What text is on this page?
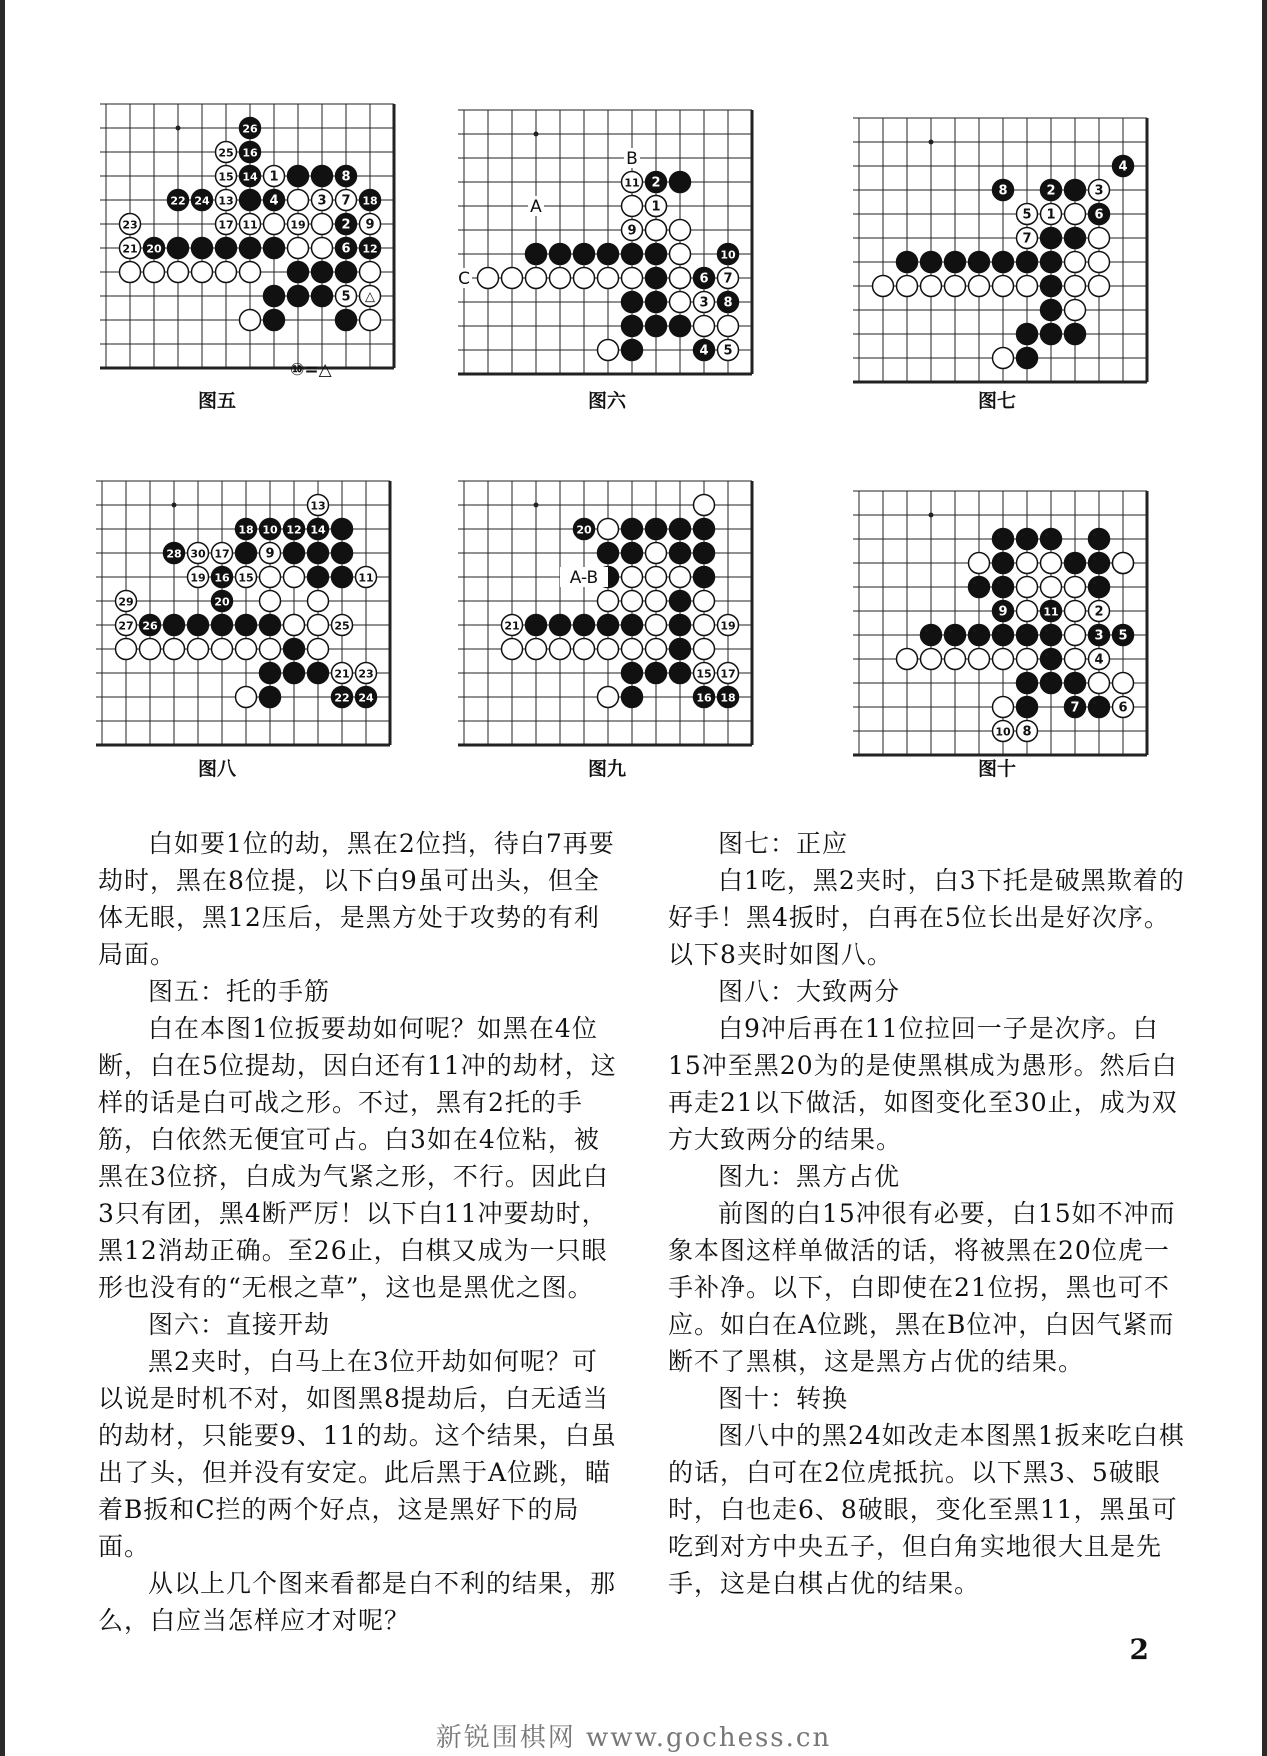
26
16
14	8
22 24	4	18
2
20	6 12
25
15	1
13	3 7
17 11	19	9
23
21
5 △
2
10
6
8
4
11
1
9
7
3
5
B
A
C
4
8	2
6
3
5 1
7
18 10 12 14
28
16
20
26
22 24
13
30 17	9
19	15	11
29
27	25
21 23
20
16 18
21	19
17
15
A-B
9	11
3 5
7
2
4
6
10 8
⑩=△
图五	图六	图七
图八	图九	图十

白如要1位的劫，黑在2位挡，待白7再要劫时，黑在8位提，以下白9虽可出头，但全体无眼，黑12压后，是黑方处于攻势的有利局面。

图五：托的手筋

白在本图1位扳要劫如何呢？如黑在4位断，白在5位提劫，因白还有11冲的劫材，这样的话是白可战之形。不过，黑有2托的手筋，白依然无便宜可占。白3如在4位粘，被黑在3位挤，白成为气紧之形，不行。因此白3只有团，黑4断严厉！以下白11冲要劫时，黑12消劫正确。至26止，白棋又成为一只眼形也没有的“无根之草”，这也是黑优之图。

图六：直接开劫

黑2夹时，白马上在3位开劫如何呢？可以说是时机不对，如图黑8提劫后，白无适当的劫材，只能要9、11的劫。这个结果，白虽出了头，但并没有安定。此后黑于A位跳，瞄着B扳和C拦的两个好点，这是黑好下的局面。

从以上几个图来看都是白不利的结果，那么，白应当怎样应才对呢？

图七：正应

白1吃，黑2夹时，白3下托是破黑欺着的好手！黑4扳时，白再在5位长出是好次序。以下8夹时如图八。

图八：大致两分

白9冲后再在11位拉回一子是次序。白15冲至黑20为的是使黑棋成为愚形。然后白再走21以下做活，如图变化至30止，成为双方大致两分的结果。

图九：黑方占优

前图的白15冲很有必要，白15如不冲而象本图这样单做活的话，将被黑在20位虎一手补净。以下，白即使在21位拐，黑也可不应。如白在A位跳，黑在B位冲，白因气紧而断不了黑棋，这是黑方占优的结果。

图十：转换

图八中的黑24如改走本图黑1扳来吃白棋的话，白可在2位虎抵抗。以下黑3、5破眼时，白也走6、8破眼，变化至黑11，黑虽可吃到对方中央五子，但白角实地很大且是先手，这是白棋占优的结果。

2
新锐围棋网 www.gochess.cn
